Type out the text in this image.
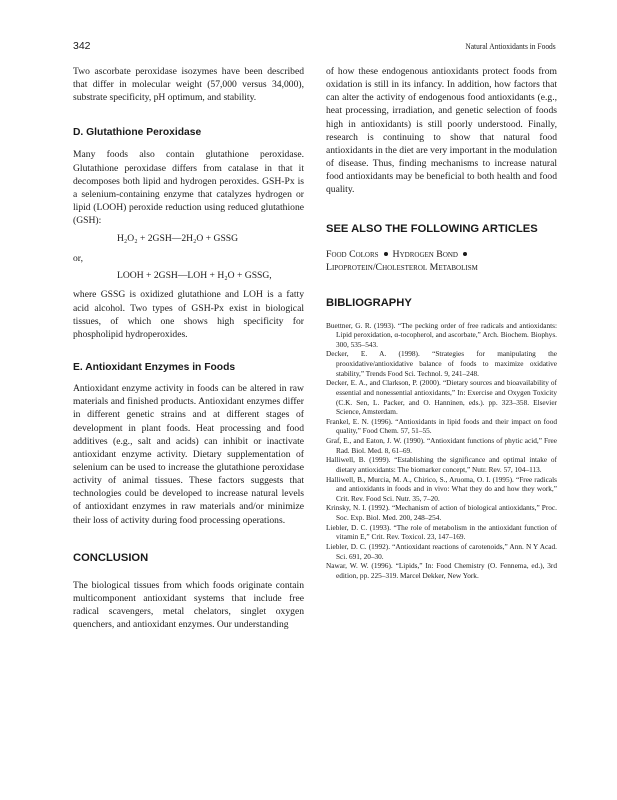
342	Natural Antioxidants in Foods

Two ascorbate peroxidase isozymes have been described that differ in molecular weight (57,000 versus 34,000), substrate specificity, pH optimum, and stability.

D. Glutathione Peroxidase

Many foods also contain glutathione peroxidase. Glutathione peroxidase differs from catalase in that it decomposes both lipid and hydrogen peroxides. GSH-Px is a selenium-containing enzyme that catalyzes hydrogen or lipid (LOOH) peroxide reduction using reduced glutathione (GSH):

H₂O₂ + 2GSH—2H₂O + GSSG
or,
LOOH + 2GSH—LOH + H₂O + GSSG,

where GSSG is oxidized glutathione and LOH is a fatty acid alcohol. Two types of GSH-Px exist in biological tissues, of which one shows high specificity for phospholipid hydroperoxides.

E. Antioxidant Enzymes in Foods

Antioxidant enzyme activity in foods can be altered in raw materials and finished products. Antioxidant enzymes differ in different genetic strains and at different stages of development in plant foods. Heat processing and food additives (e.g., salt and acids) can inhibit or inactivate antioxidant enzyme activity. Dietary supplementation of selenium can be used to increase the glutathione peroxidase activity of animal tissues. These factors suggests that technologies could be developed to increase natural levels of antioxidant enzymes in raw materials and/or minimize their loss of activity during food processing operations.

CONCLUSION

The biological tissues from which foods originate contain multicomponent antioxidant systems that include free radical scavengers, metal chelators, singlet oxygen quenchers, and antioxidant enzymes. Our understanding

of how these endogenous antioxidants protect foods from oxidation is still in its infancy. In addition, how factors that can alter the activity of endogenous food antioxidants (e.g., heat processing, irradiation, and genetic selection of foods high in antioxidants) is still poorly understood. Finally, research is continuing to show that natural food antioxidants in the diet are very important in the modulation of disease. Thus, finding mechanisms to increase natural food antioxidants may be beneficial to both health and food quality.

SEE ALSO THE FOLLOWING ARTICLES
Food Colors Hydrogen BondLipoprotein/Cholesterol Metabolism
BIBLIOGRAPHY
Buettner, G. R. (1993). “The pecking order of free radicals and antioxidants: Lipid peroxidation, α-tocopherol, and ascorbate,” Arch. Biochem. Biophys. 300, 535–543.
Decker, E. A. (1998). “Strategies for manipulating the prooxidative/antioxidative balance of foods to maximize oxidative stability,” Trends Food Sci. Technol. 9, 241–248.
Decker, E. A., and Clarkson, P. (2000). “Dietary sources and bioavailability of essential and nonessential antioxidants,” In: Exercise and Oxygen Toxicity (C.K. Sen, L. Packer, and O. Hanninen, eds.). pp. 323–358. Elsevier Science, Amsterdam.
Frankel, E. N. (1996). “Antioxidants in lipid foods and their impact on food quality,” Food Chem. 57, 51–55.
Graf, E., and Eaton, J. W. (1990). “Antioxidant functions of phytic acid,” Free Rad. Biol. Med. 8, 61–69.
Halliwell, B. (1999). “Establishing the significance and optimal intake of dietary antioxidants: The biomarker concept,” Nutr. Rev. 57, 104–113.
Halliwell, B., Murcia, M. A., Chirico, S., Aruoma, O. I. (1995). “Free radicals and antioxidants in foods and in vivo: What they do and how they work,” Crit. Rev. Food Sci. Nutr. 35, 7–20.
Krinsky, N. I. (1992). “Mechanism of action of biological antioxidants,” Proc. Soc. Exp. Biol. Med. 200, 248–254.
Liebler, D. C. (1993). “The role of metabolism in the antioxidant function of vitamin E,” Crit. Rev. Toxicol. 23, 147–169.
Liebler, D. C. (1992). “Antioxidant reactions of carotenoids,” Ann. N Y Acad. Sci. 691, 20–30.
Nawar, W. W. (1996). “Lipids,” In: Food Chemistry (O. Fennema, ed.), 3rd edition, pp. 225–319. Marcel Dekker, New York.
